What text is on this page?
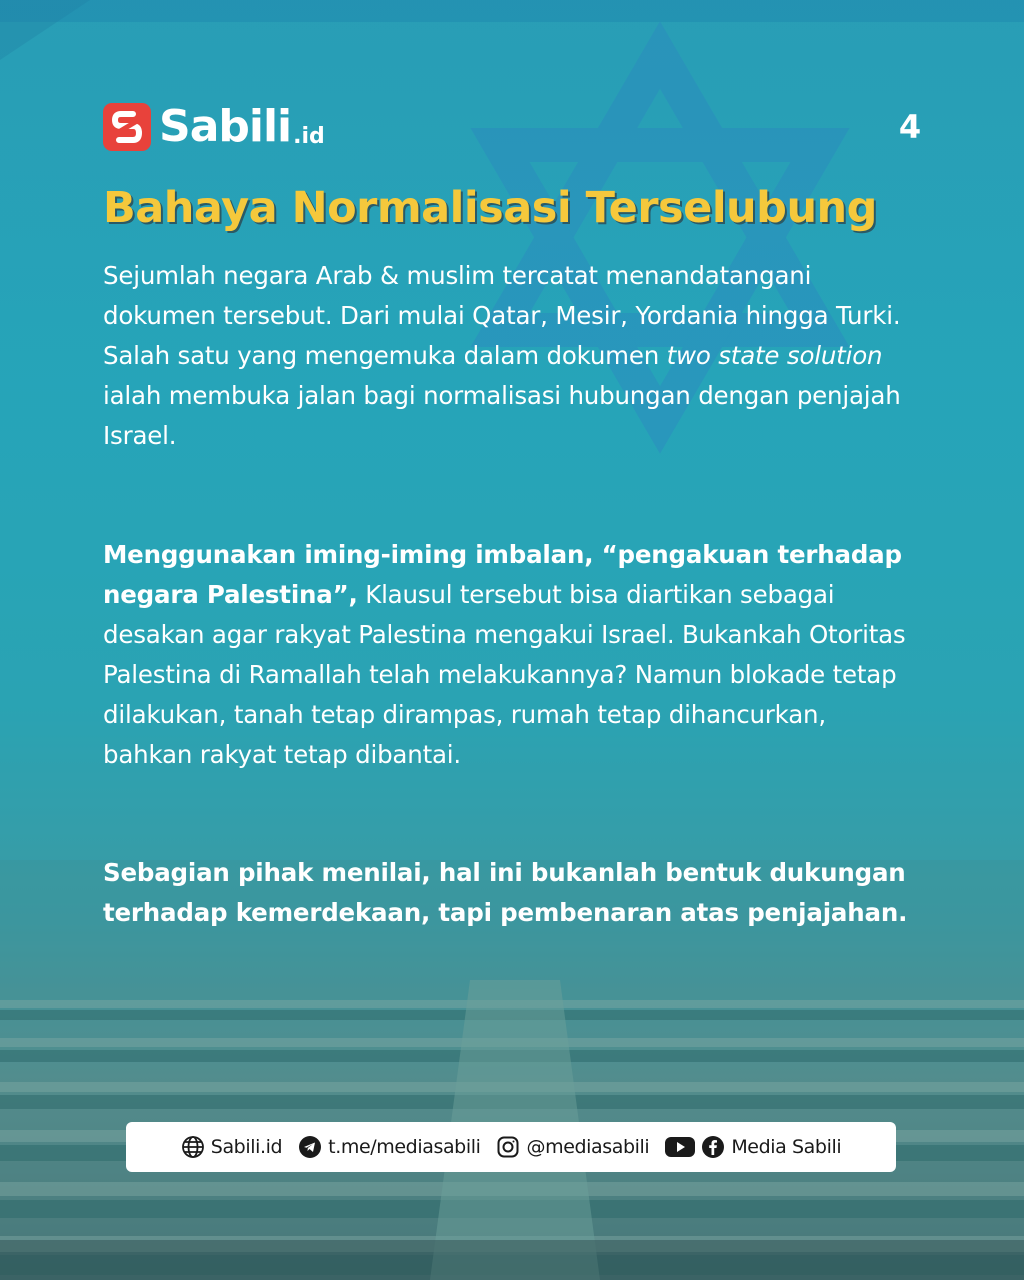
Sabili .id	4
Bahaya Normalisasi Terselubung

Sejumlah negara Arab & muslim tercatat menandatangani dokumen tersebut. Dari mulai Qatar, Mesir, Yordania hingga Turki. Salah satu yang mengemuka dalam dokumen two state solution ialah membuka jalan bagi normalisasi hubungan dengan penjajah Israel.

Menggunakan iming-iming imbalan, “pengakuan terhadap negara Palestina”, Klausul tersebut bisa diartikan sebagai desakan agar rakyat Palestina mengakui Israel. Bukankah Otoritas Palestina di Ramallah telah melakukannya? Namun blokade tetap dilakukan, tanah tetap dirampas, rumah tetap dihancurkan, bahkan rakyat tetap dibantai.

Sebagian pihak menilai, hal ini bukanlah bentuk dukungan terhadap kemerdekaan, tapi pembenaran atas penjajahan.

Sabili.id t.me/mediasabili @mediasabili	Media Sabili
